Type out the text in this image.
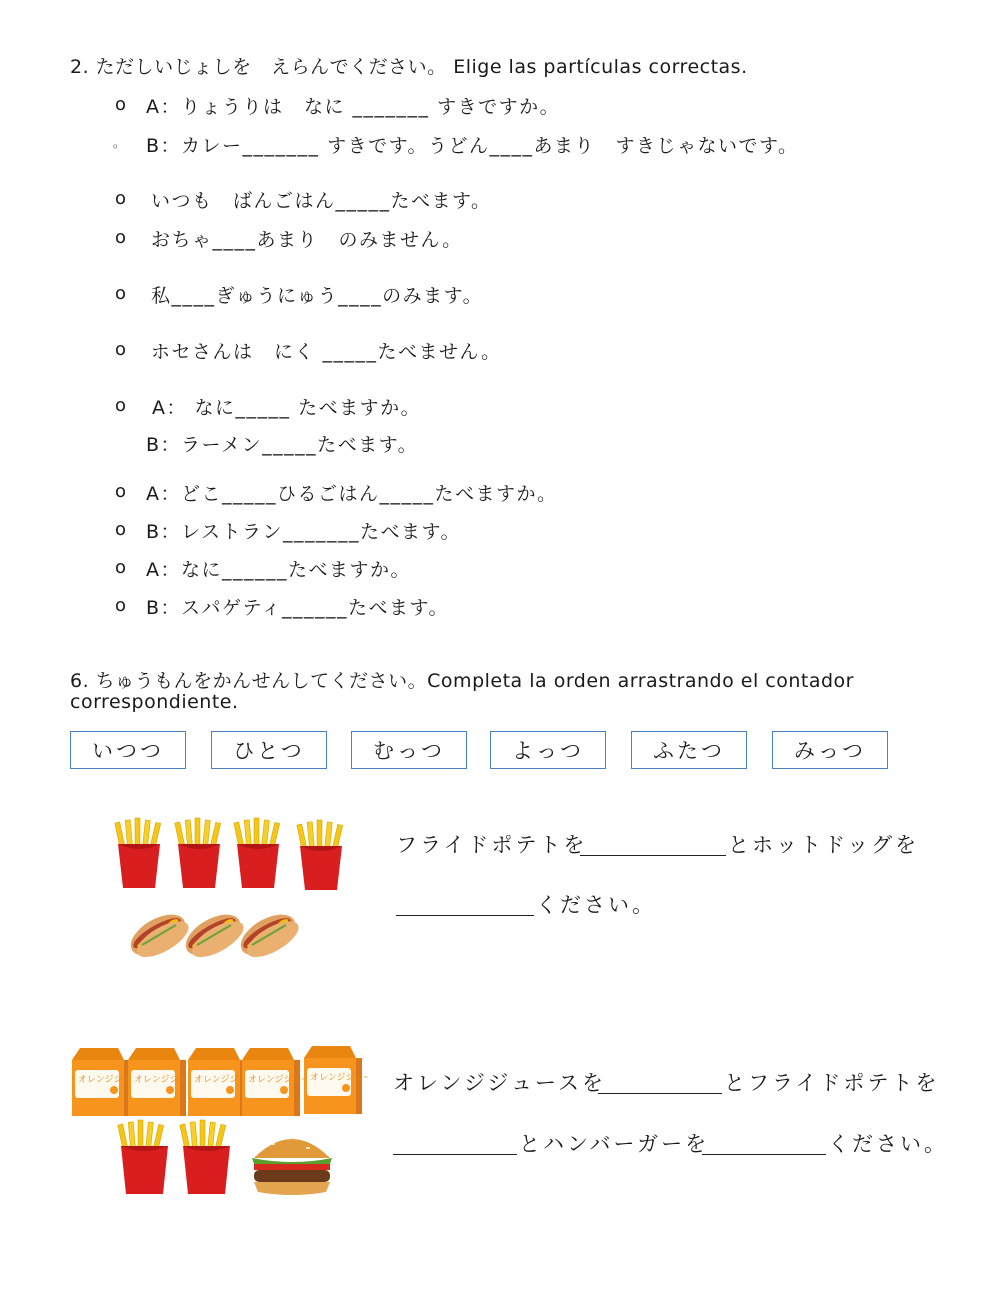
2. ただしいじょしを　えらんでください。 Elige las partículas correctas.
o A：りょうりは　なに _______ すきですか。
。 B：カレー_______ すきです。うどん____あまり　すきじゃないです。
o いつも　ばんごはん_____たべます。
o おちゃ____あまり　のみません。
o 私____ぎゅうにゅう____のみます。
o ホセさんは　にく _____たべません。
o A： なに_____ たべますか。
B：ラーメン_____たべます。
o A：どこ_____ひるごはん_____たべますか。
o B：レストラン_______たべます。
o A：なに______たべますか。
o B：スパゲティ______たべます。
6. ちゅうもんをかんせんしてください。Completa la orden arrastrando el contador
correspondiente.
いつつ	ひとつ	むっつ	よっつ	ふたつ	みっつ
フライドポテトを	とホットドッグを
ください。
オレンジジュースを	とフライドポテトを
とハンバーガーを	ください。
